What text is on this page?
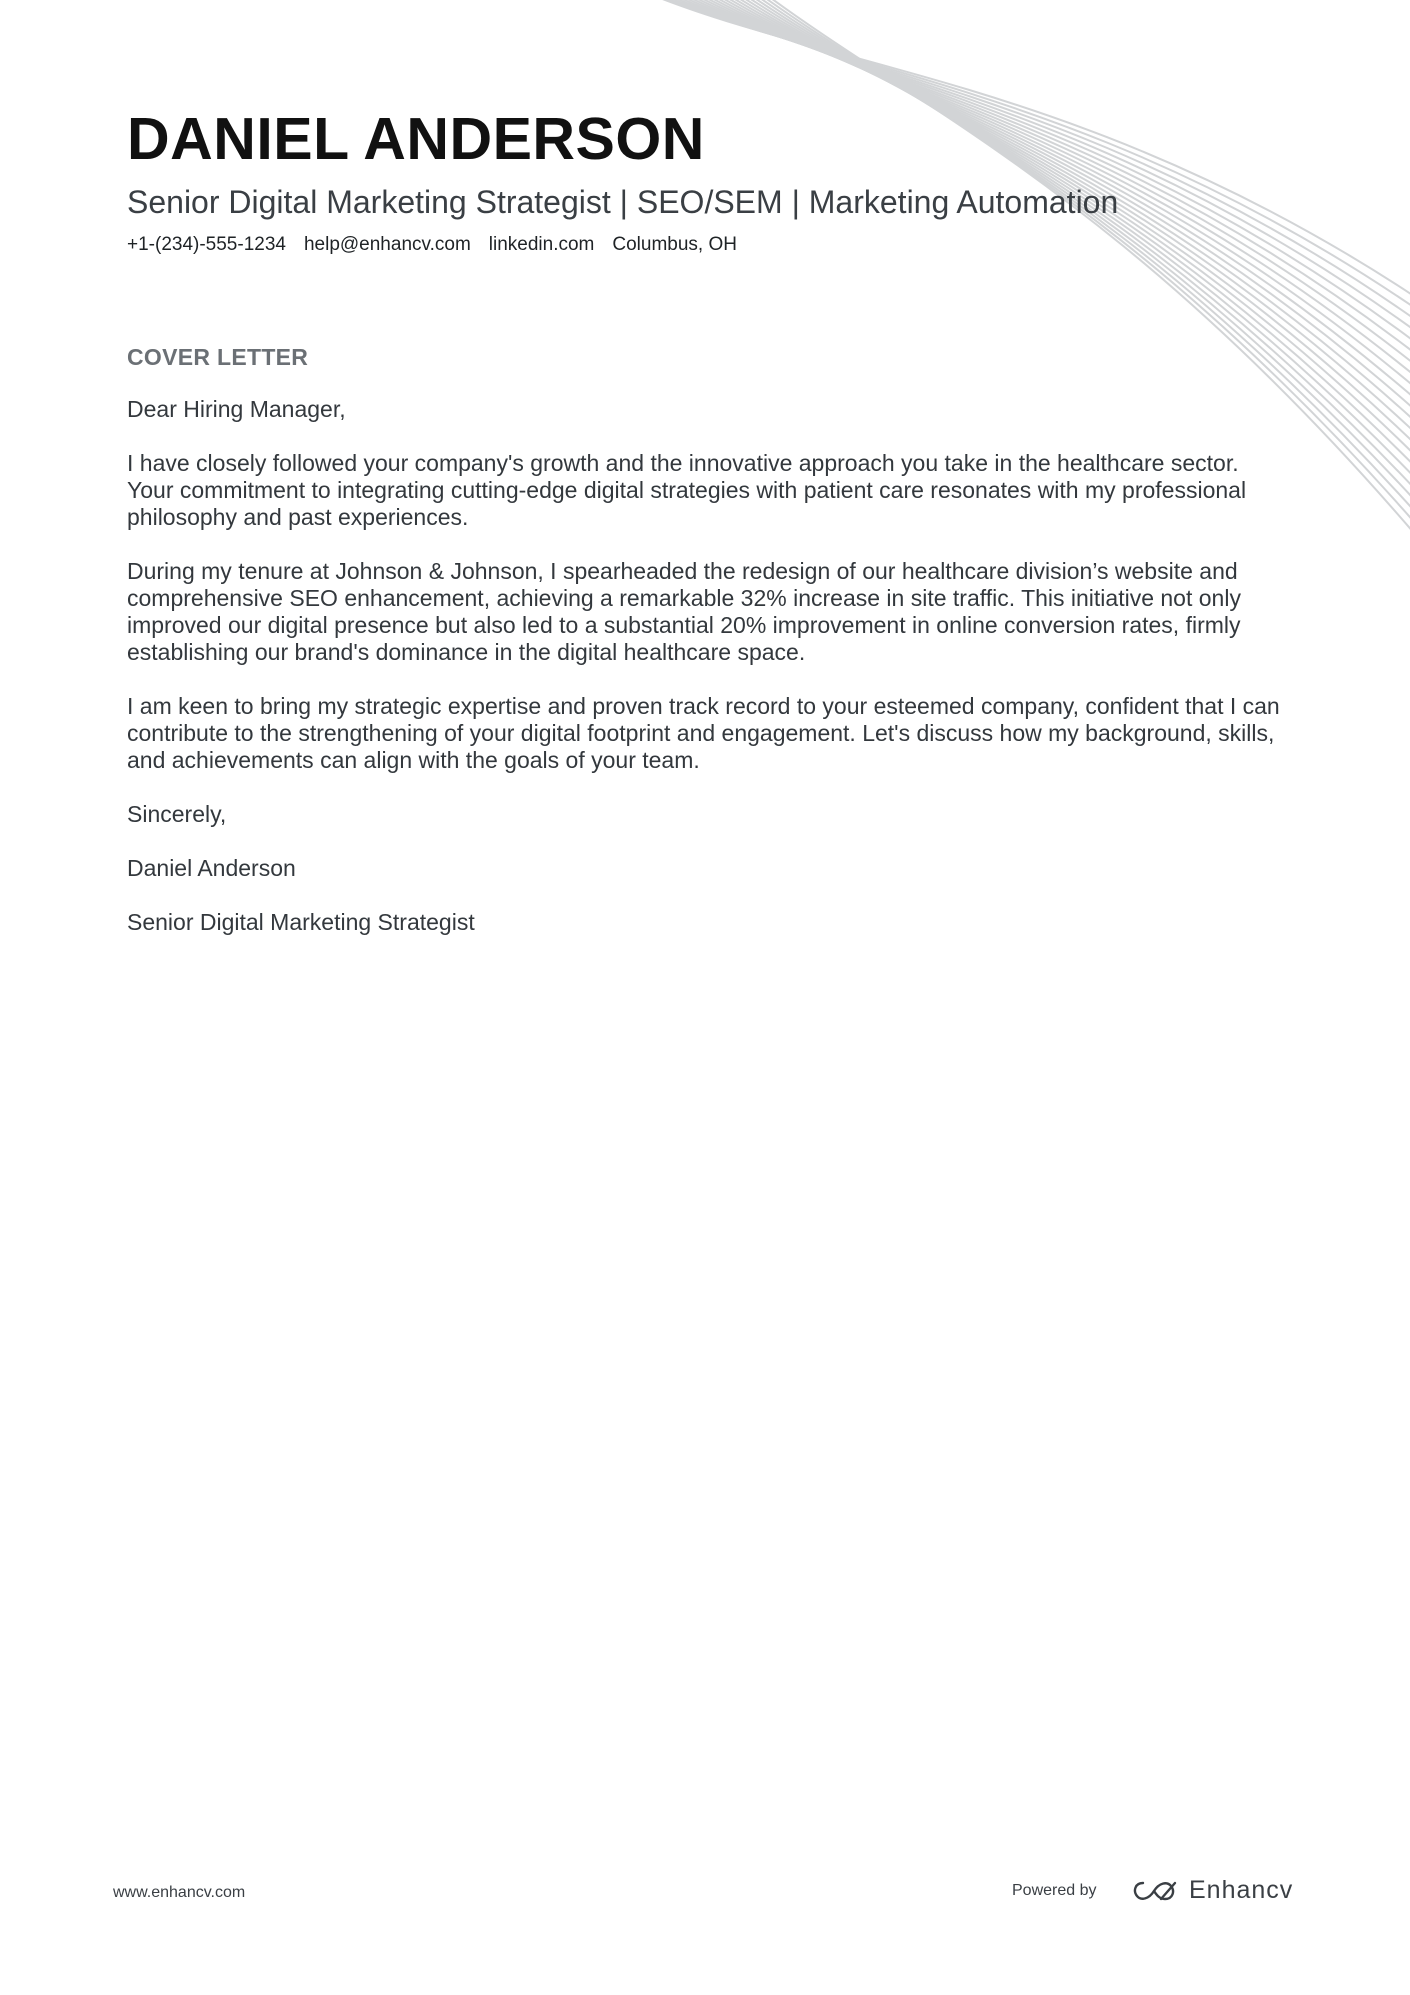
DANIEL ANDERSON
Senior Digital Marketing Strategist | SEO/SEM | Marketing Automation
+1-(234)-555-1234 help@enhancv.com linkedin.com Columbus, OH
COVER LETTER

Dear Hiring Manager,

I have closely followed your company's growth and the innovative approach you take in the healthcare sector. Your commitment to integrating cutting-edge digital strategies with patient care resonates with my professional philosophy and past experiences.

During my tenure at Johnson & Johnson, I spearheaded the redesign of our healthcare division’s website and comprehensive SEO enhancement, achieving a remarkable 32% increase in site traffic. This initiative not only improved our digital presence but also led to a substantial 20% improvement in online conversion rates, firmly establishing our brand's dominance in the digital healthcare space.

I am keen to bring my strategic expertise and proven track record to your esteemed company, confident that I can contribute to the strengthening of your digital footprint and engagement. Let's discuss how my background, skills, and achievements can align with the goals of your team.

Sincerely,

Daniel Anderson

Senior Digital Marketing Strategist

www.enhancv.com	Powered by	Enhancv
